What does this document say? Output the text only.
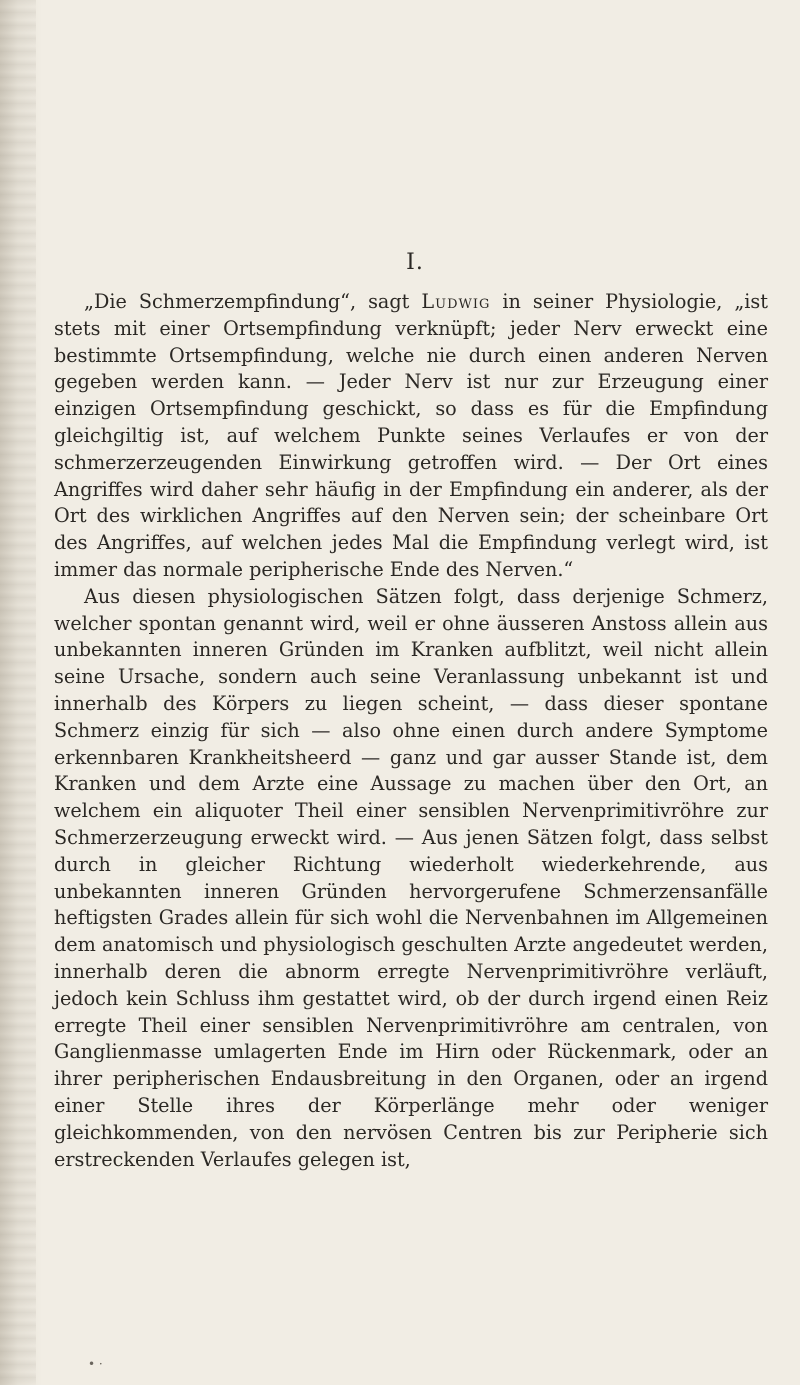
I.

„Die Schmerzempfindung“, sagt Ludwig in seiner Physiologie, „ist stets mit einer Ortsempfindung verknüpft; jeder Nerv erweckt eine bestimmte Ortsempfindung, welche nie durch einen anderen Nerven gegeben werden kann. — Jeder Nerv ist nur zur Erzeugung einer einzigen Ortsempfindung geschickt, so dass es für die Empfindung gleichgiltig ist, auf welchem Punkte seines Verlaufes er von der schmerzerzeugenden Einwirkung getroffen wird. — Der Ort eines Angriffes wird daher sehr häufig in der Empfindung ein anderer, als der Ort des wirklichen Angriffes auf den Nerven sein; der scheinbare Ort des Angriffes, auf welchen jedes Mal die Empfindung verlegt wird, ist immer das normale peripherische Ende des Nerven.“

Aus diesen physiologischen Sätzen folgt, dass derjenige Schmerz, welcher spontan genannt wird, weil er ohne äusseren Anstoss allein aus unbekannten inneren Gründen im Kranken aufblitzt, weil nicht allein seine Ursache, sondern auch seine Veranlassung unbekannt ist und innerhalb des Körpers zu liegen scheint, — dass dieser spontane Schmerz einzig für sich — also ohne einen durch andere Symptome erkennbaren Krankheitsheerd — ganz und gar ausser Stande ist, dem Kranken und dem Arzte eine Aussage zu machen über den Ort, an welchem ein aliquoter Theil einer sensiblen Nervenprimitivröhre zur Schmerzerzeugung erweckt wird. — Aus jenen Sätzen folgt, dass selbst durch in gleicher Richtung wiederholt wiederkehrende, aus unbekannten inneren Gründen hervorgerufene Schmerzensanfälle heftigsten Grades allein für sich wohl die Nervenbahnen im Allgemeinen dem anatomisch und physiologisch geschulten Arzte angedeutet werden, innerhalb deren die abnorm erregte Nervenprimitivröhre verläuft, jedoch kein Schluss ihm gestattet wird, ob der durch irgend einen Reiz erregte Theil einer sensiblen Nervenprimitivröhre am centralen, von Ganglienmasse umlagerten Ende im Hirn oder Rückenmark, oder an ihrer peripherischen Endausbreitung in den Organen, oder an irgend einer Stelle ihres der Körperlänge mehr oder weniger gleichkommenden, von den nervösen Centren bis zur Peripherie sich erstreckenden Verlaufes gelegen ist,

• ·
